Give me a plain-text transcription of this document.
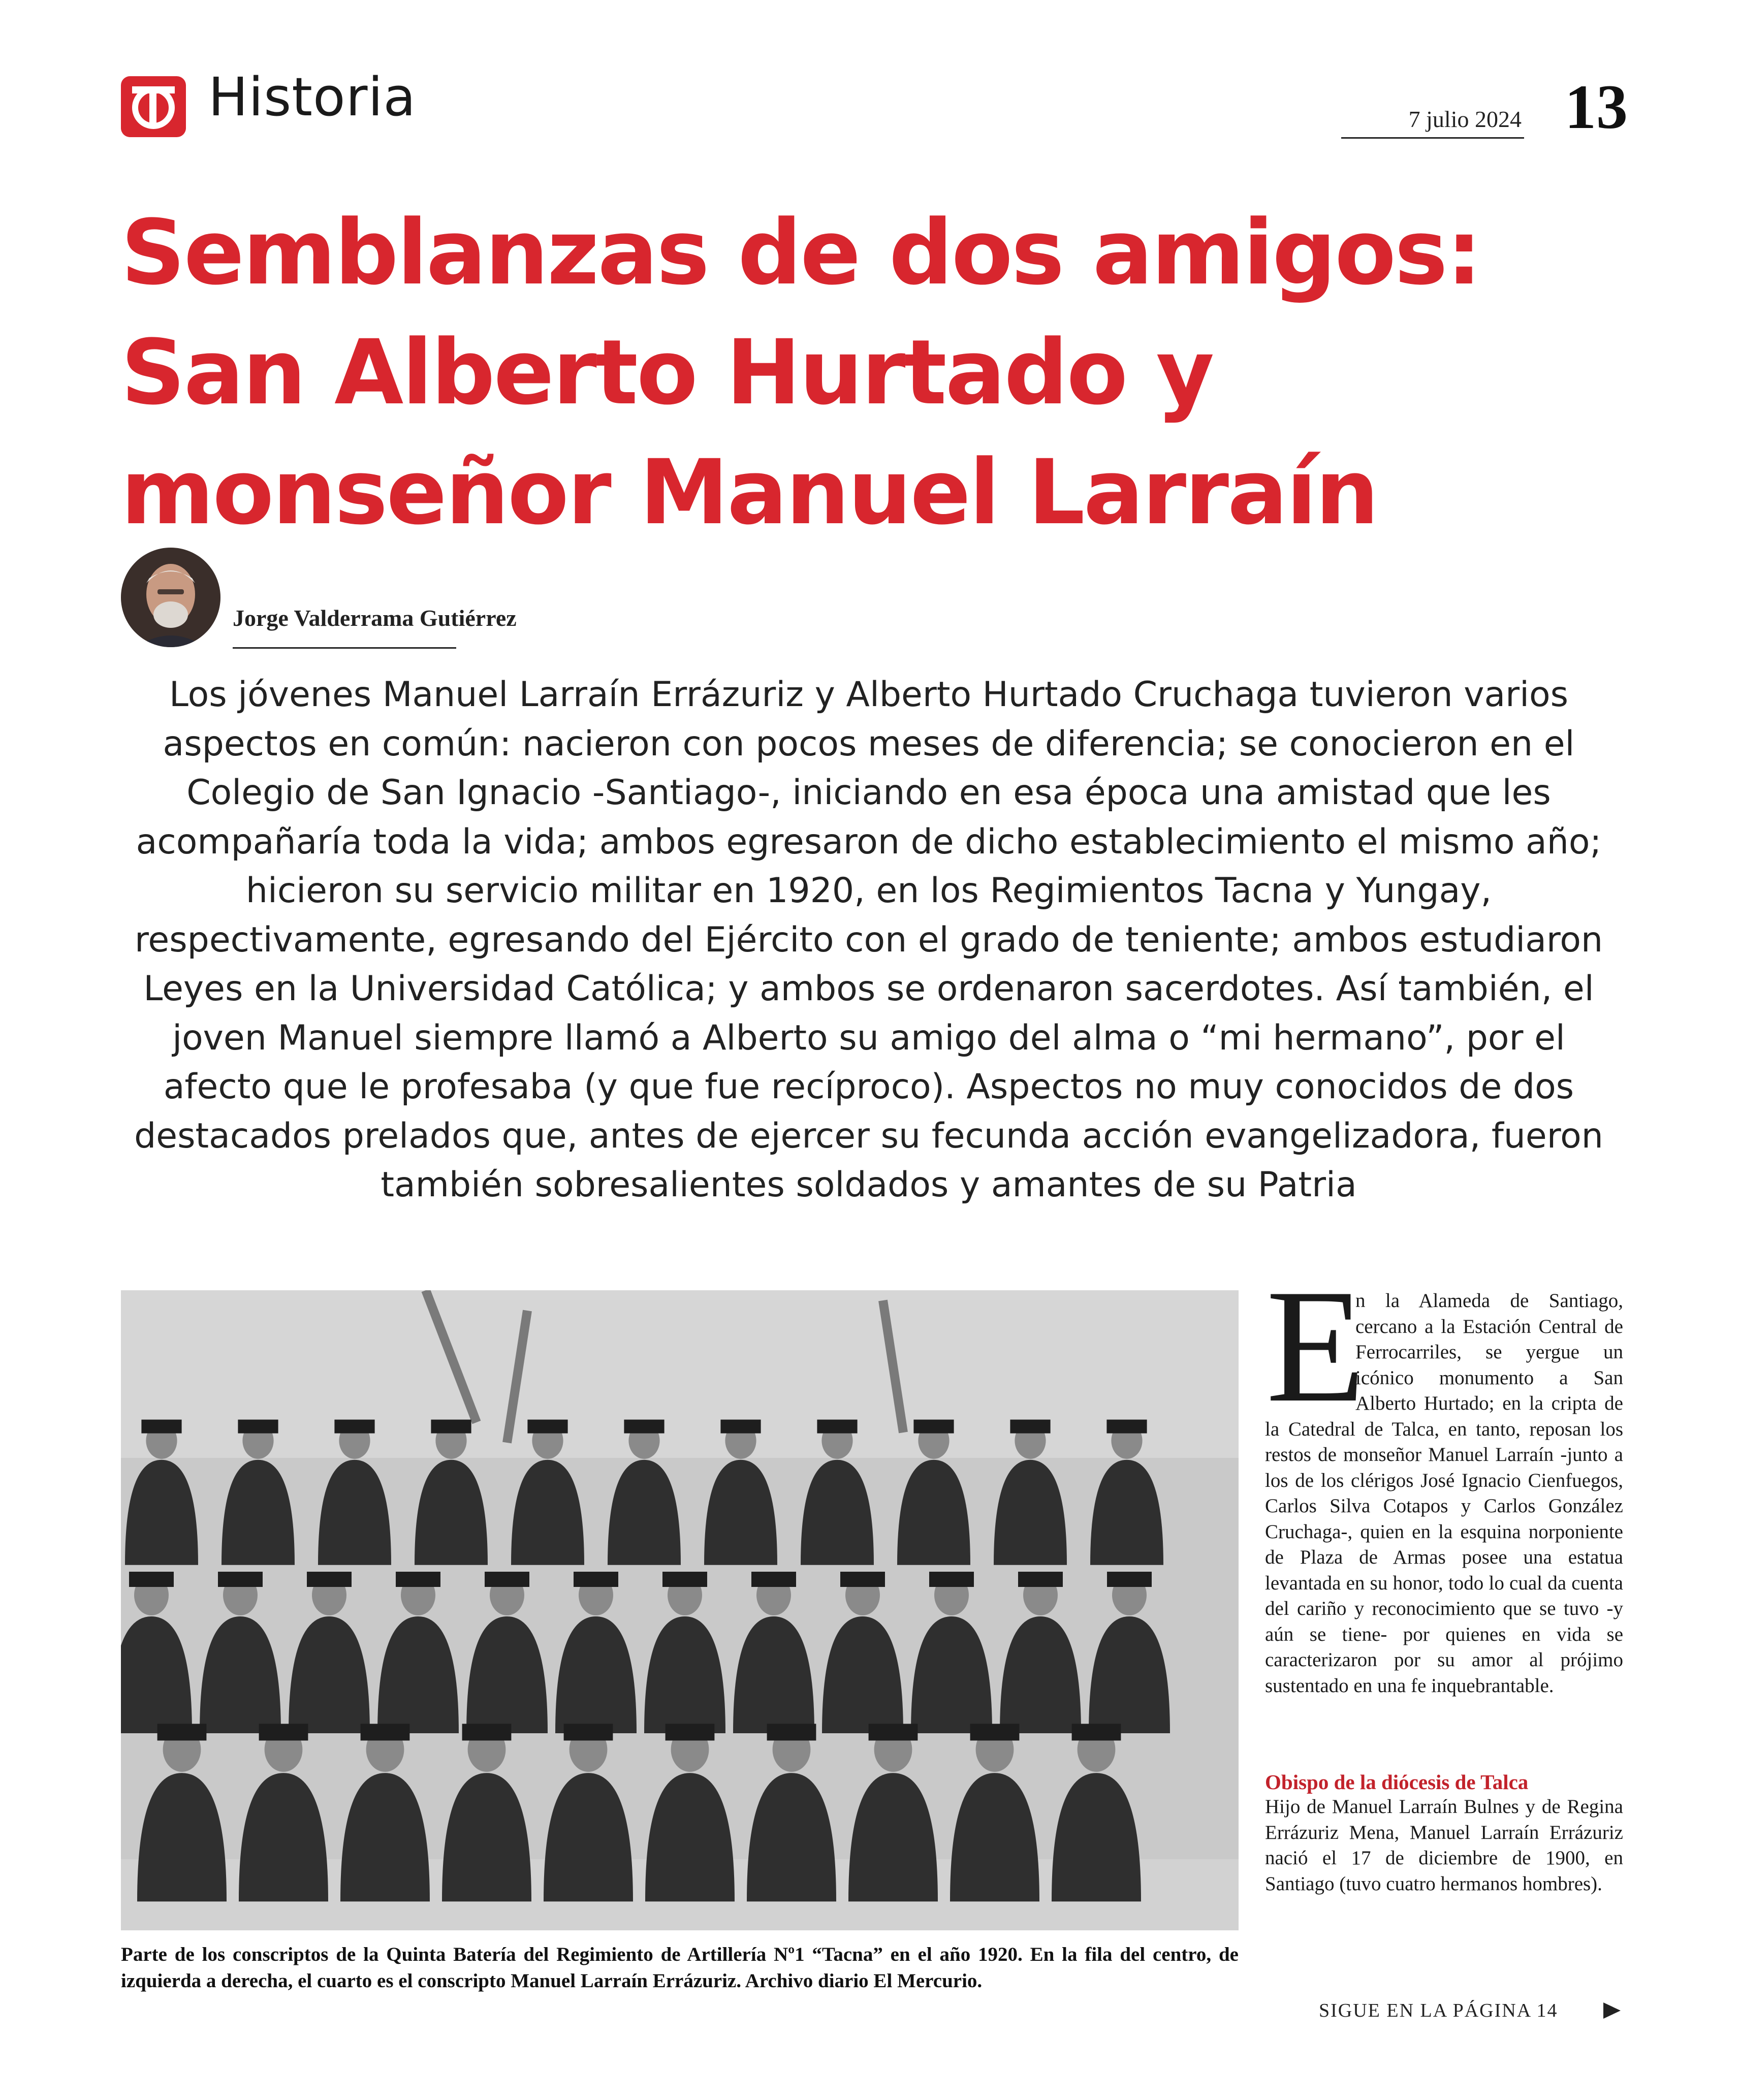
Historia	7 julio 2024 13
Semblanzas de dos amigos:
San Alberto Hurtado y
monseñor Manuel Larraín
Jorge Valderrama Gutiérrez
Los jóvenes Manuel Larraín Errázuriz y Alberto Hurtado Cruchaga tuvieron varios aspectos en común: nacieron con pocos meses de diferencia; se conocieron en el Colegio de San Ignacio -Santiago-, iniciando en esa época una amistad que les acompañaría toda la vida; ambos egresaron de dicho establecimiento el mismo año; hicieron su servicio militar en 1920, en los Regimientos Tacna y Yungay, respectivamente, egresando del Ejército con el grado de teniente; ambos estudiaron Leyes en la Universidad Católica; y ambos se ordenaron sacerdotes. Así también, el joven Manuel siempre llamó a Alberto su amigo del alma o “mi hermano”, por el afecto que le profesaba (y que fue recíproco). Aspectos no muy conocidos de dos destacados prelados que, antes de ejercer su fecunda acción evangelizadora, fueron también sobresalientes soldados y amantes de su Patria
Parte de los conscriptos de la Quinta Batería del Regimiento de Artillería Nº1 “Tacna” en el año 1920. En la fila del centro, de izquierda a derecha, el cuarto es el conscripto Manuel Larraín Errázuriz. Archivo diario El Mercurio.
E
n la Alameda de Santiago, cercano a la Estación Central de Ferrocarriles, se yergue un icónico monumento a San Alberto Hurtado; en la cripta de la Catedral de Talca, en tanto, reposan los restos de monseñor Manuel Larraín -junto a los de los clérigos José Ignacio Cienfuegos, Carlos Silva Cotapos y Carlos González Cruchaga-, quien en la esquina norponiente de Plaza de Armas posee una estatua levantada en su honor, todo lo cual da cuenta del cariño y reconocimiento que se tuvo -y aún se tiene- por quienes en vida se caracterizaron por su amor al prójimo sustentado en una fe inquebrantable.
Obispo de la diócesis de Talca
Hijo de Manuel Larraín Bulnes y de Regina Errázuriz Mena, Manuel Larraín Errázuriz nació el 17 de diciembre de 1900, en Santiago (tuvo cuatro hermanos hombres).
SIGUE EN LA PÁGINA 14
